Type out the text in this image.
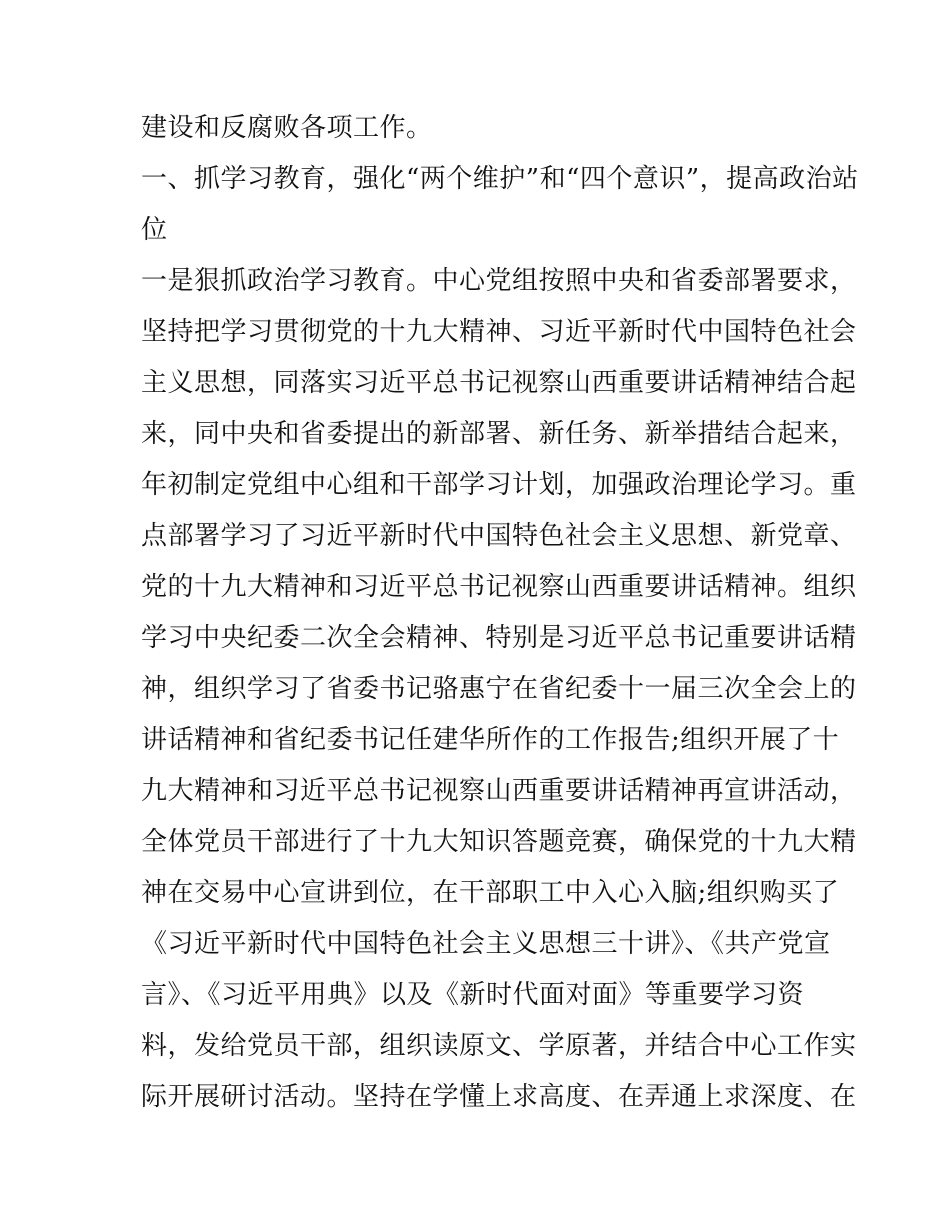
建设和反腐败各项工作。
一、抓学习教育，强化“两个维护”和“四个意识”，提高政治站
位
一是狠抓政治学习教育。中心党组按照中央和省委部署要求，
坚持把学习贯彻党的十九大精神、习近平新时代中国特色社会
主义思想，同落实习近平总书记视察山西重要讲话精神结合起
来，同中央和省委提出的新部署、新任务、新举措结合起来，
年初制定党组中心组和干部学习计划，加强政治理论学习。重
点部署学习了习近平新时代中国特色社会主义思想、新党章、
党的十九大精神和习近平总书记视察山西重要讲话精神。组织
学习中央纪委二次全会精神、特别是习近平总书记重要讲话精
神，组织学习了省委书记骆惠宁在省纪委十一届三次全会上的
讲话精神和省纪委书记任建华所作的工作报告;组织开展了十
九大精神和习近平总书记视察山西重要讲话精神再宣讲活动，
全体党员干部进行了十九大知识答题竞赛，确保党的十九大精
神在交易中心宣讲到位，在干部职工中入心入脑;组织购买了
《习近平新时代中国特色社会主义思想三十讲》、《共产党宣
言》、《习近平用典》以及《新时代面对面》等重要学习资
料，发给党员干部，组织读原文、学原著，并结合中心工作实
际开展研讨活动。坚持在学懂上求高度、在弄通上求深度、在
